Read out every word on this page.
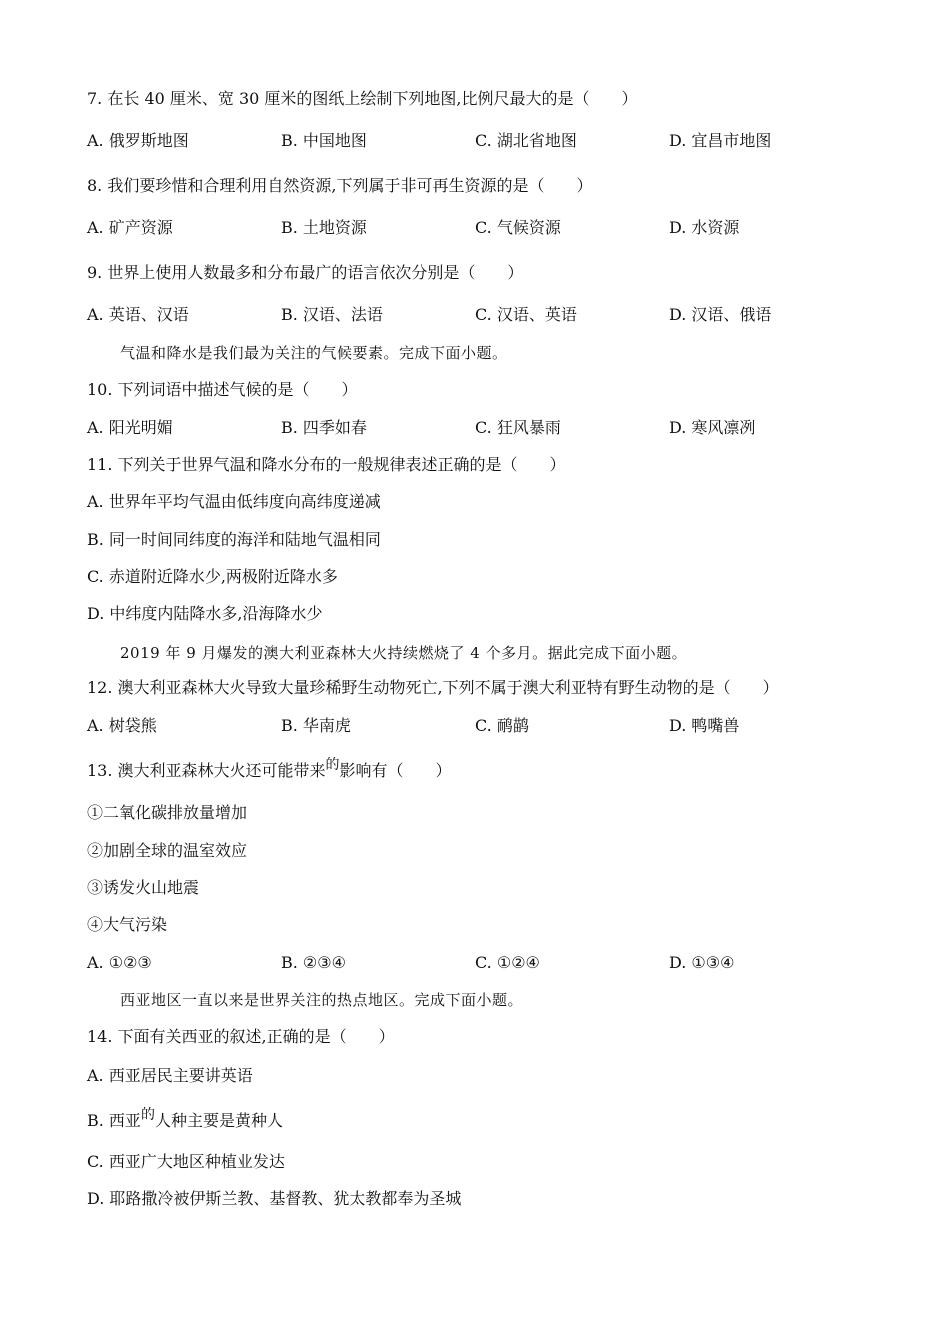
7. 在长 40 厘米、宽 30 厘米的图纸上绘制下列地图,比例尺最大的是（　　）
A. 俄罗斯地图	B. 中国地图	C. 湖北省地图	D. 宜昌市地图
8. 我们要珍惜和合理利用自然资源,下列属于非可再生资源的是（　　）
A. 矿产资源	B. 土地资源	C. 气候资源	D. 水资源
9. 世界上使用人数最多和分布最广的语言依次分别是（　　）
A. 英语、汉语	B. 汉语、法语	C. 汉语、英语	D. 汉语、俄语
气温和降水是我们最为关注的气候要素。完成下面小题。
10. 下列词语中描述气候的是（　　）
A. 阳光明媚	B. 四季如春	C. 狂风暴雨	D. 寒风凛冽
11. 下列关于世界气温和降水分布的一般规律表述正确的是（　　）
A. 世界年平均气温由低纬度向高纬度递减
B. 同一时间同纬度的海洋和陆地气温相同
C. 赤道附近降水少,两极附近降水多
D. 中纬度内陆降水多,沿海降水少
2019 年 9 月爆发的澳大利亚森林大火持续燃烧了 4 个多月。据此完成下面小题。
12. 澳大利亚森林大火导致大量珍稀野生动物死亡,下列不属于澳大利亚特有野生动物的是（　　）
A. 树袋熊	B. 华南虎	C. 鸸鹋	D. 鸭嘴兽
13. 澳大利亚森林大火还可能带来的影响有（　　）
①二氧化碳排放量增加
②加剧全球的温室效应
③诱发火山地震
④大气污染
A. ①②③	B. ②③④	C. ①②④	D. ①③④
西亚地区一直以来是世界关注的热点地区。完成下面小题。
14. 下面有关西亚的叙述,正确的是（　　）
A. 西亚居民主要讲英语
B. 西亚的人种主要是黄种人
C. 西亚广大地区种植业发达
D. 耶路撒冷被伊斯兰教、基督教、犹太教都奉为圣城
